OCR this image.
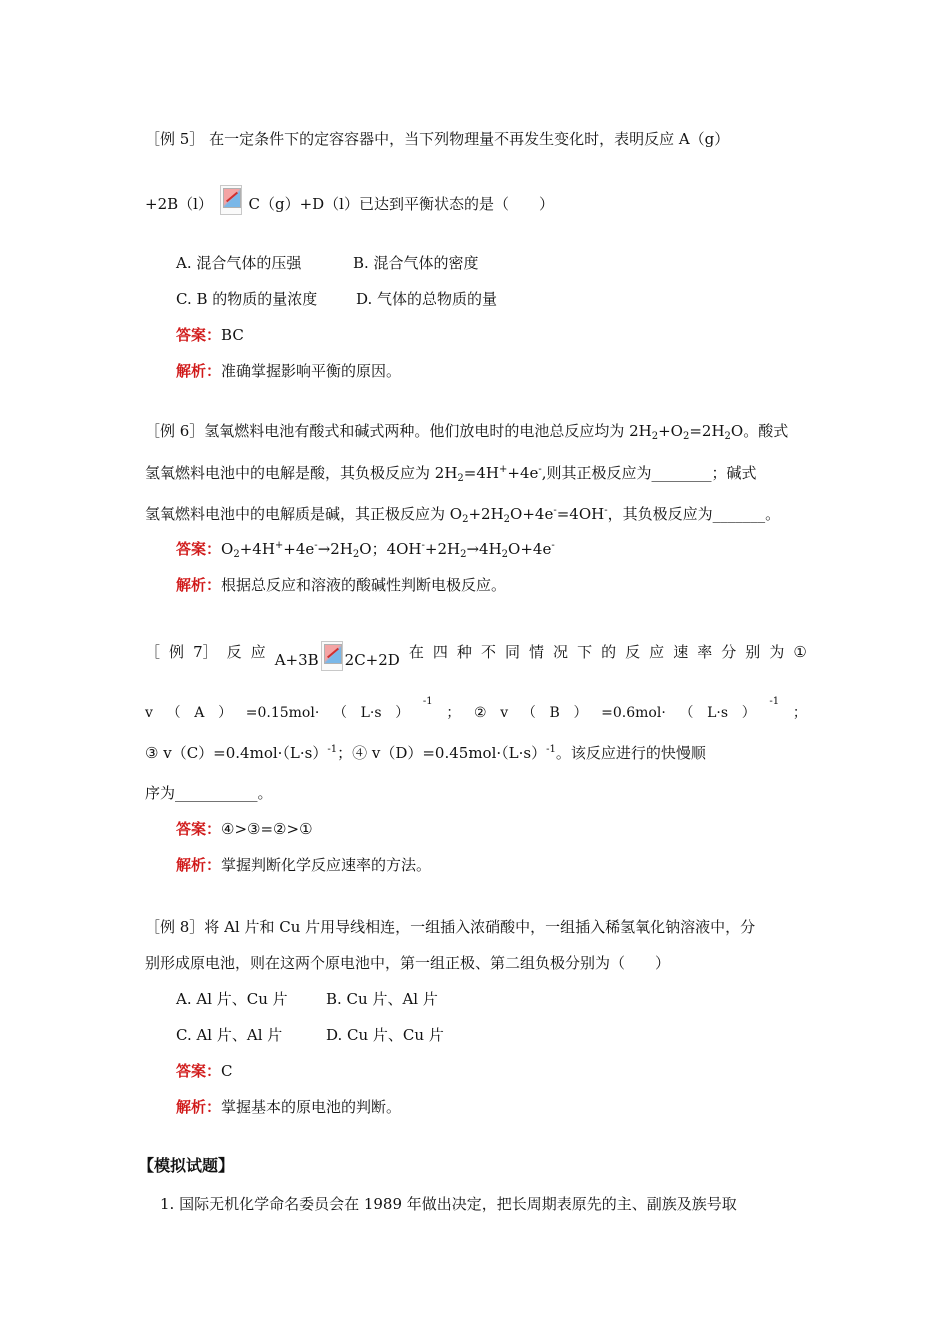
［例 5］ 在一定条件下的定容容器中，当下列物理量不再发生变化时，表明反应 A（g）
+2B（l） C（g）+D（l）已达到平衡状态的是（　　）
A. 混合气体的压强	B. 混合气体的密度
C. B 的物质的量浓度	D. 气体的总物质的量
答案：BC
解析：准确掌握影响平衡的原因。
［例 6］氢氧燃料电池有酸式和碱式两种。他们放电时的电池总反应均为 $2H_2+O_2=2H_2O$。酸式
氢氧燃料电池中的电解是酸，其负极反应为 $2H_2=4H^++4e^-$,则其正极反应为________；碱式
氢氧燃料电池中的电解质是碱，其正极反应为 $O_2+2H_2O+4e^-=4OH^-$，其负极反应为_______。
答案：$O_2+4H^++4e^-\to 2H_2O$；$4OH^-+2H_2\to 4H_2O+4e^-$
解析：根据总反应和溶液的酸碱性判断电极反应。
［ 例 7］ 反 应 A+3B 2C+2D 在 四 种 不 同 情 况 下 的 反 应 速 率 分 别 为 ①
v （ A ） =0.15mol· （ L·s ）
-1
； ② v （ B ） =0.6mol· （ L·s ）
-1
；
③ $v(C)=0.4mol\cdot(L\cdot s)^{-1}$；④ $v(D)=0.45mol\cdot(L\cdot s)^{-1}$。该反应进行的快慢顺
序为___________。
答案：④>③=②>①
解析：掌握判断化学反应速率的方法。
［例 8］将 Al 片和 Cu 片用导线相连，一组插入浓硝酸中，一组插入稀氢氧化钠溶液中，分
别形成原电池，则在这两个原电池中，第一组正极、第二组负极分别为（　　）
A. Al 片、Cu 片	B. Cu 片、Al 片
C. Al 片、Al 片	D. Cu 片、Cu 片
答案：C
解析：掌握基本的原电池的判断。
【模拟试题】
1. 国际无机化学命名委员会在 1989 年做出决定，把长周期表原先的主、副族及族号取
